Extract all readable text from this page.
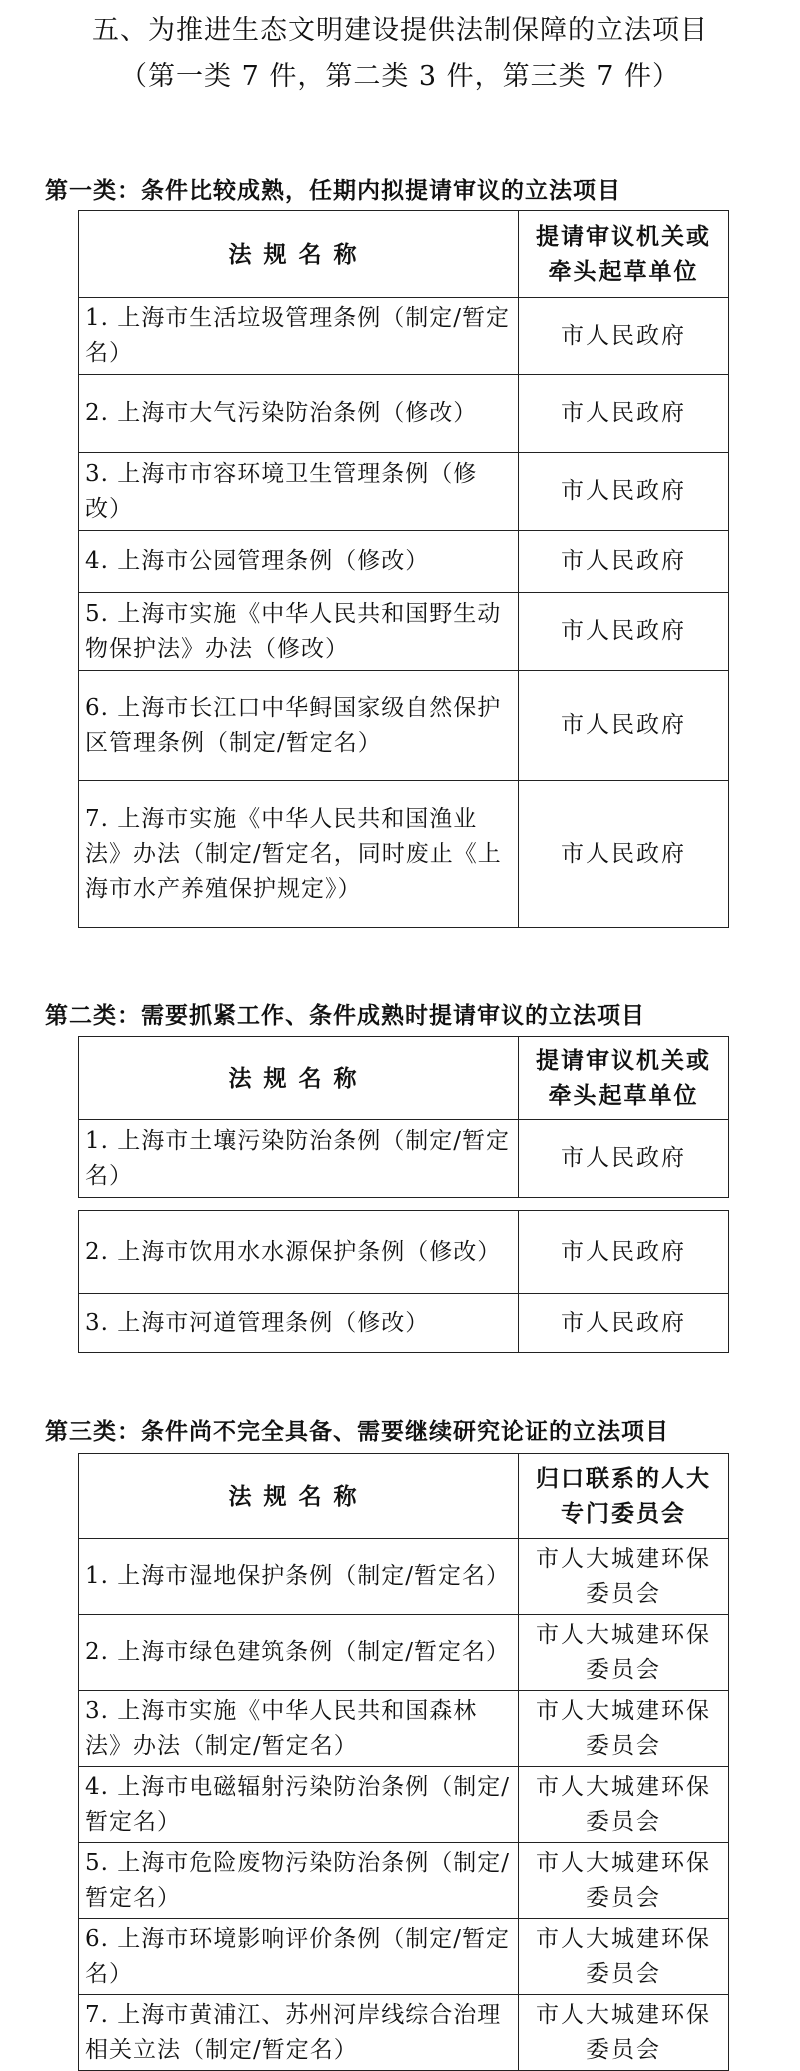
五、为推进生态文明建设提供法制保障的立法项目
（第一类 7 件，第二类 3 件，第三类 7 件）
第一类：条件比较成熟，任期内拟提请审议的立法项目
法规名称	提请审议机关或牵头起草单位
1. 上海市生活垃圾管理条例（制定/暂定名）	市人民政府
2. 上海市大气污染防治条例（修改）	市人民政府
3. 上海市市容环境卫生管理条例（修改）	市人民政府
4. 上海市公园管理条例（修改）	市人民政府
5. 上海市实施《中华人民共和国野生动物保护法》办法（修改）	市人民政府
6. 上海市长江口中华鲟国家级自然保护区管理条例（制定/暂定名）	市人民政府
7. 上海市实施《中华人民共和国渔业法》办法（制定/暂定名，同时废止《上海市水产养殖保护规定》）	市人民政府
第二类：需要抓紧工作、条件成熟时提请审议的立法项目
法规名称	提请审议机关或牵头起草单位
1. 上海市土壤污染防治条例（制定/暂定名）	市人民政府
2. 上海市饮用水水源保护条例（修改）	市人民政府
3. 上海市河道管理条例（修改）	市人民政府
第三类：条件尚不完全具备、需要继续研究论证的立法项目
法规名称	归口联系的人大专门委员会
1. 上海市湿地保护条例（制定/暂定名）	市人大城建环保委员会
2. 上海市绿色建筑条例（制定/暂定名）	市人大城建环保委员会
3. 上海市实施《中华人民共和国森林法》办法（制定/暂定名）	市人大城建环保委员会
4. 上海市电磁辐射污染防治条例（制定/暂定名）	市人大城建环保委员会
5. 上海市危险废物污染防治条例（制定/暂定名）	市人大城建环保委员会
6. 上海市环境影响评价条例（制定/暂定名）	市人大城建环保委员会
7. 上海市黄浦江、苏州河岸线综合治理相关立法（制定/暂定名）	市人大城建环保委员会
